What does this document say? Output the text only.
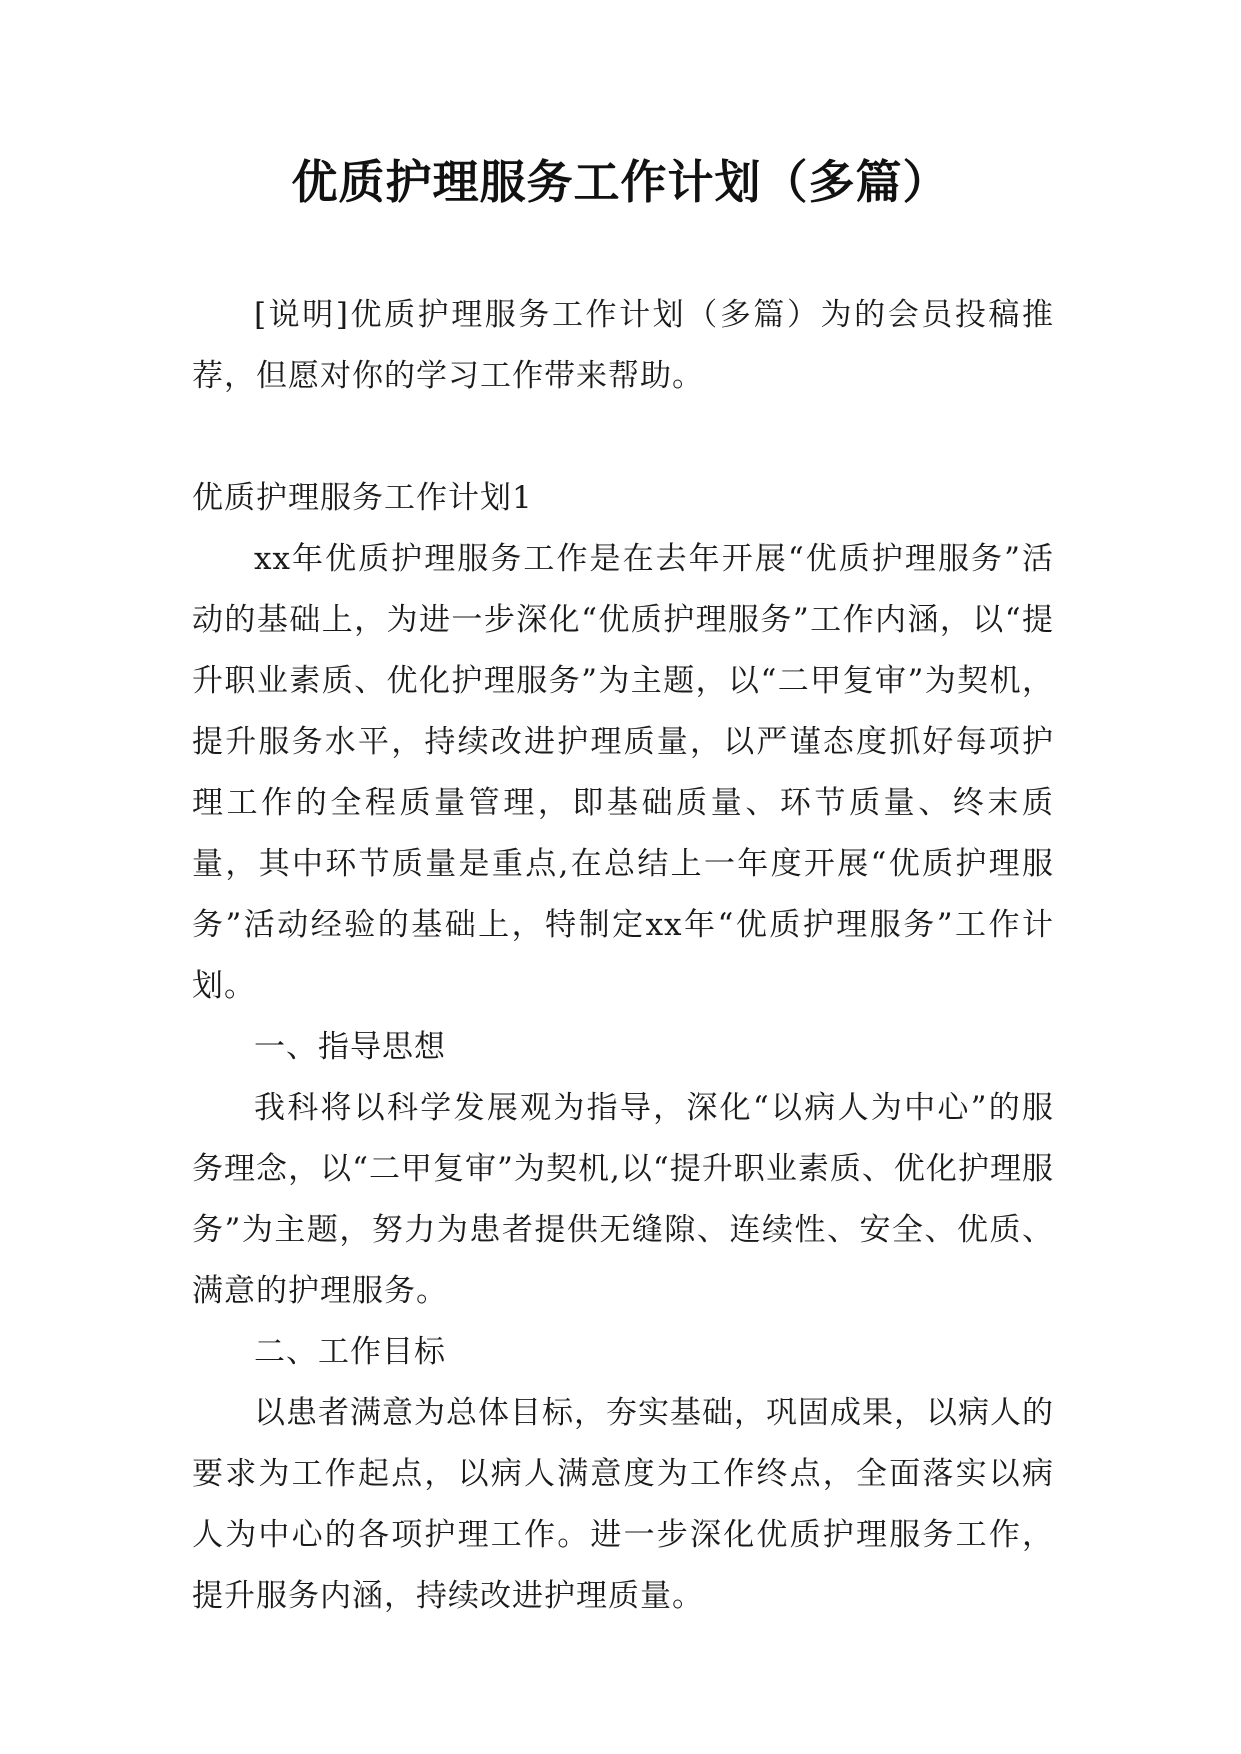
优质护理服务工作计划（多篇）

[说明]优质护理服务工作计划（多篇）为的会员投稿推荐，但愿对你的学习工作带来帮助。

优质护理服务工作计划1

xx年优质护理服务工作是在去年开展“优质护理服务”活动的基础上，为进一步深化“优质护理服务”工作内涵，以“提升职业素质、优化护理服务”为主题，以“二甲复审”为契机，提升服务水平，持续改进护理质量，以严谨态度抓好每项护理工作的全程质量管理，即基础质量、环节质量、终末质量，其中环节质量是重点,在总结上一年度开展“优质护理服务”活动经验的基础上，特制定xx年“优质护理服务”工作计划。

一、指导思想

我科将以科学发展观为指导，深化“以病人为中心”的服务理念，以“二甲复审”为契机,以“提升职业素质、优化护理服务”为主题，努力为患者提供无缝隙、连续性、安全、优质、满意的护理服务。

二、工作目标

以患者满意为总体目标，夯实基础，巩固成果，以病人的要求为工作起点，以病人满意度为工作终点，全面落实以病人为中心的各项护理工作。进一步深化优质护理服务工作，提升服务内涵，持续改进护理质量。
